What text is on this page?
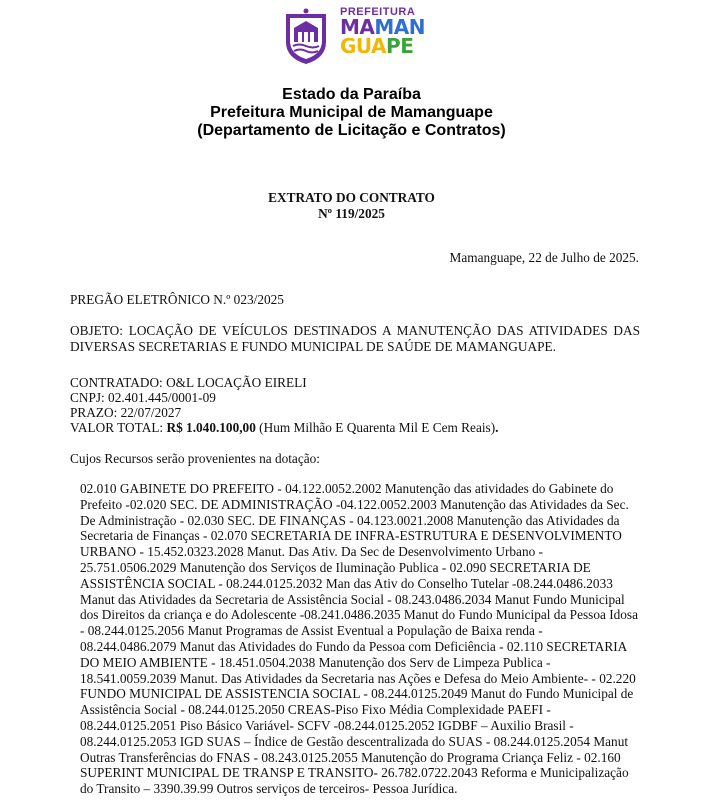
PREFEITURA
MAMAN
GUAPE
Estado da Paraíba
Prefeitura Municipal de Mamanguape
(Departamento de Licitação e Contratos)
EXTRATO DO CONTRATO
Nº 119/2025
Mamanguape, 22 de Julho de 2025.
PREGÃO ELETRÔNICO N.º 023/2025
OBJETO: LOCAÇÃO DE VEÍCULOS DESTINADOS A MANUTENÇÃO DAS ATIVIDADES DAS DIVERSAS SECRETARIAS E FUNDO MUNICIPAL DE SAÚDE DE MAMANGUAPE.
CONTRATADO: O&L LOCAÇÃO EIRELI
CNPJ: 02.401.445/0001-09
PRAZO: 22/07/2027
VALOR TOTAL: R$ 1.040.100,00 (Hum Milhão E Quarenta Mil E Cem Reais).
Cujos Recursos serão provenientes na dotação:
02.010 GABINETE DO PREFEITO - 04.122.0052.2002 Manutenção das atividades do Gabinete do
Prefeito -02.020 SEC. DE ADMINISTRAÇÃO -04.122.0052.2003 Manutenção das Atividades da Sec.
De Administração - 02.030 SEC. DE FINANÇAS - 04.123.0021.2008 Manutenção das Atividades da
Secretaria de Finanças - 02.070 SECRETARIA DE INFRA-ESTRUTURA E DESENVOLVIMENTO
URBANO - 15.452.0323.2028 Manut. Das Ativ. Da Sec de Desenvolvimento Urbano -
25.751.0506.2029 Manutenção dos Serviços de Iluminação Publica - 02.090 SECRETARIA DE
ASSISTÊNCIA SOCIAL - 08.244.0125.2032 Man das Ativ do Conselho Tutelar -08.244.0486.2033
Manut das Atividades da Secretaria de Assistência Social - 08.243.0486.2034 Manut Fundo Municipal
dos Direitos da criança e do Adolescente -08.241.0486.2035 Manut do Fundo Municipal da Pessoa Idosa
- 08.244.0125.2056 Manut Programas de Assist Eventual a População de Baixa renda -
08.244.0486.2079 Manut das Atividades do Fundo da Pessoa com Deficiência - 02.110 SECRETARIA
DO MEIO AMBIENTE - 18.451.0504.2038 Manutenção dos Serv de Limpeza Publica -
18.541.0059.2039 Manut. Das Atividades da Secretaria nas Ações e Defesa do Meio Ambiente- - 02.220
FUNDO MUNICIPAL DE ASSISTENCIA SOCIAL - 08.244.0125.2049 Manut do Fundo Municipal de
Assistência Social - 08.244.0125.2050 CREAS-Piso Fixo Média Complexidade PAEFI -
08.244.0125.2051 Piso Básico Variável- SCFV -08.244.0125.2052 IGDBF – Auxilio Brasil -
08.244.0125.2053 IGD SUAS – Índice de Gestão descentralizada do SUAS - 08.244.0125.2054 Manut
Outras Transferências do FNAS - 08.243.0125.2055 Manutenção do Programa Criança Feliz - 02.160
SUPERINT MUNICIPAL DE TRANSP E TRANSITO- 26.782.0722.2043 Reforma e Municipalização
do Transito – 3390.39.99 Outros serviços de terceiros- Pessoa Jurídica.
